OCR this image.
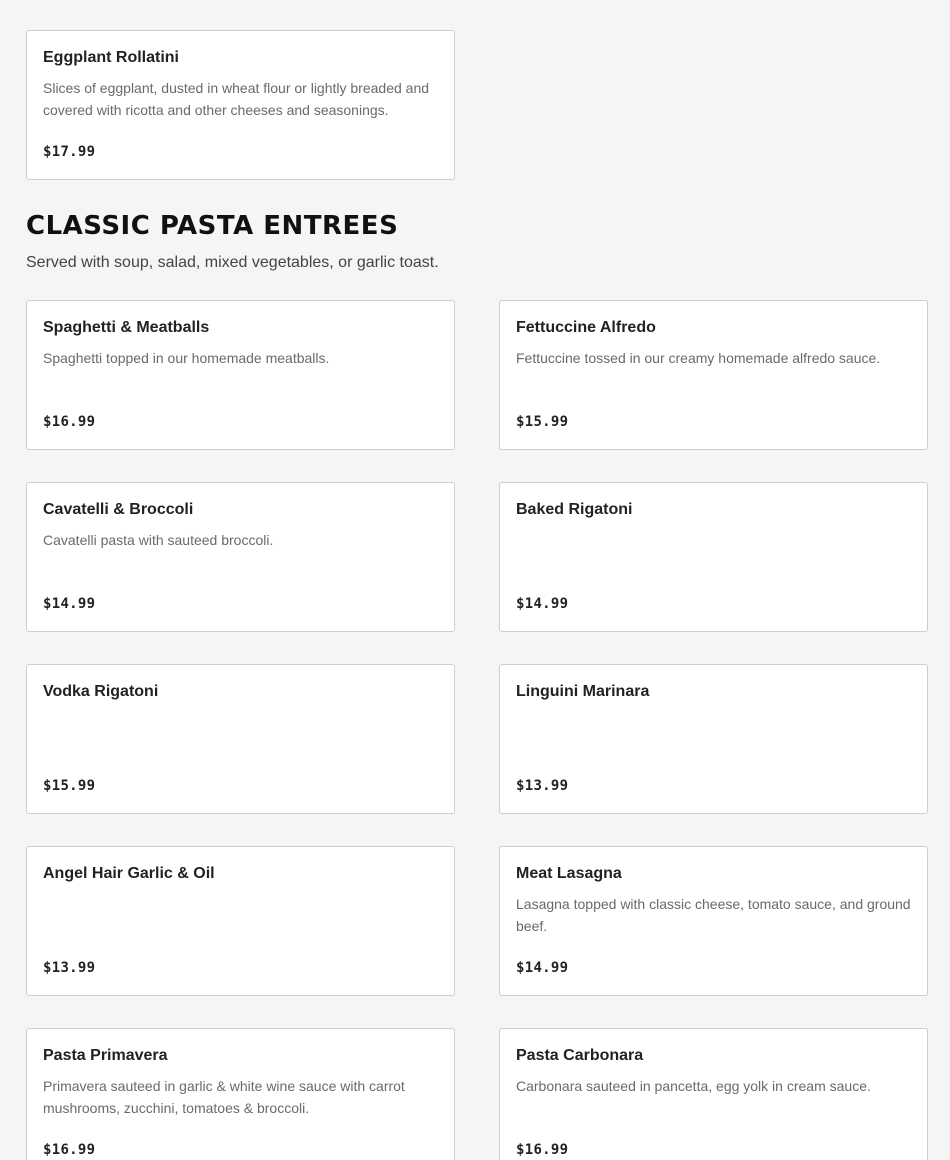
Eggplant Rollatini
Slices of eggplant, dusted in wheat flour or lightly breaded and covered with ricotta and other cheeses and seasonings.
$17.99
CLASSIC PASTA ENTREES
Served with soup, salad, mixed vegetables, or garlic toast.
Spaghetti & Meatballs
Spaghetti topped in our homemade meatballs.
$16.99
Fettuccine Alfredo
Fettuccine tossed in our creamy homemade alfredo sauce.
$15.99
Cavatelli & Broccoli
Cavatelli pasta with sauteed broccoli.
$14.99
Baked Rigatoni
$14.99
Vodka Rigatoni
$15.99
Linguini Marinara
$13.99
Angel Hair Garlic & Oil
$13.99
Meat Lasagna
Lasagna topped with classic cheese, tomato sauce, and ground beef.
$14.99
Pasta Primavera
Primavera sauteed in garlic & white wine sauce with carrot mushrooms, zucchini, tomatoes & broccoli.
$16.99
Pasta Carbonara
Carbonara sauteed in pancetta, egg yolk in cream sauce.
$16.99
